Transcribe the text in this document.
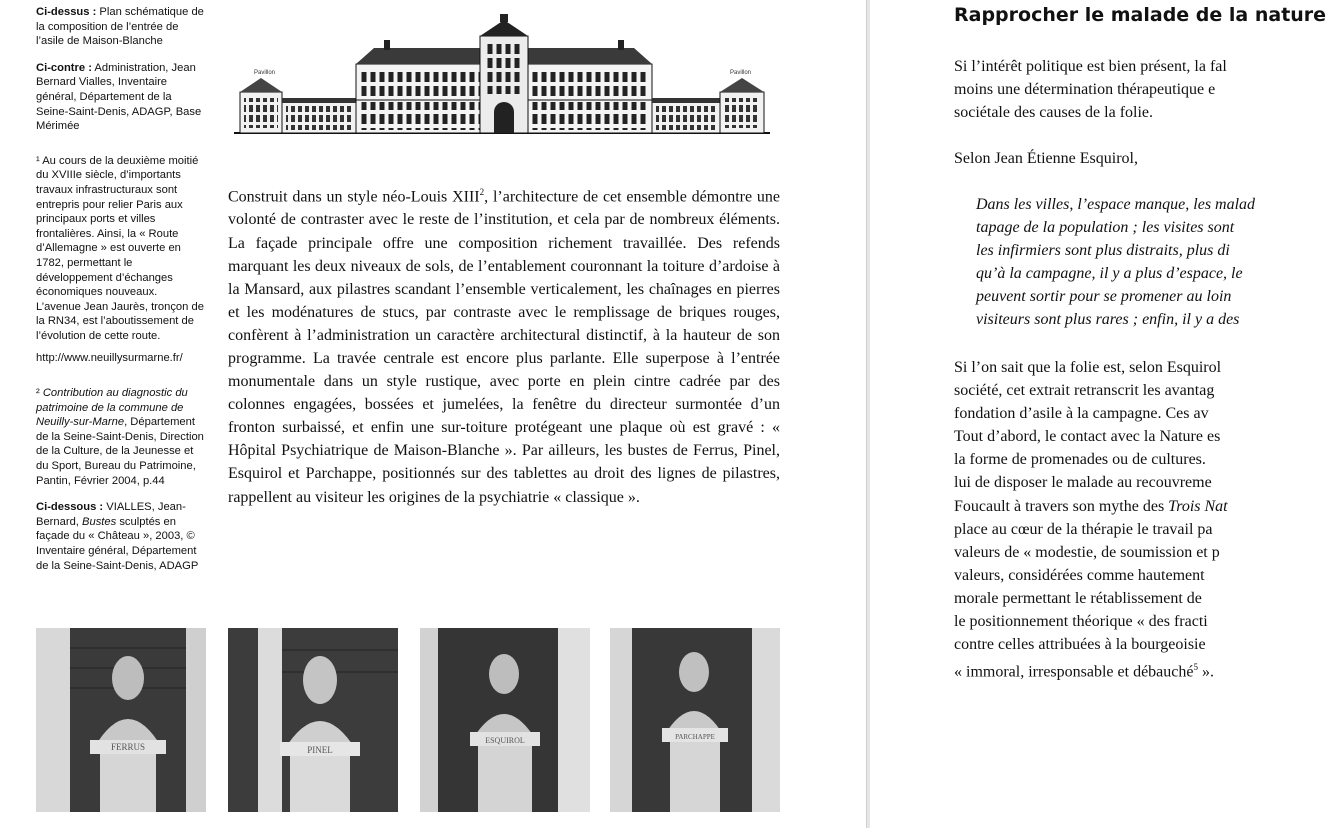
Ci-dessus : Plan schématique de la composition de l’entrée de l’asile de Maison-Blanche

Ci-contre : Administration, Jean Bernard Vialles, Inventaire général, Département de la Seine-Saint-Denis, ADAGP, Base Mérimée

¹ Au cours de la deuxième moitié du XVIIIe siècle, d’importants travaux infrastructuraux sont entrepris pour relier Paris aux principaux ports et villes frontalières. Ainsi, la « Route d’Allemagne » est ouverte en 1782, permettant le développement d’échanges économiques nouveaux. L’avenue Jean Jaurès, tronçon de la RN34, est l’aboutissement de l’évolution de cette route.

http://www.neuillysurmarne.fr/

² Contribution au diagnostic du patrimoine de la commune de Neuilly-sur-Marne, Département de la Seine-Saint-Denis, Direction de la Culture, de la Jeunesse et du Sport, Bureau du Patrimoine, Pantin, Février 2004, p.44

Ci-dessous : VIALLES, Jean-Bernard, Bustes sculptés en façade du « Château », 2003, © Inventaire général, Département de la Seine-Saint-Denis, ADAGP

Pavillon	Pavillon

Construit dans un style néo-Louis XIII$^2$, l’architecture de cet ensemble démontre une volonté de contraster avec le reste de l’institution, et cela par de nombreux éléments. La façade principale offre une composition richement travaillée. Des refends marquant les deux niveaux de sols, de l’entablement couronnant la toiture d’ardoise à la Mansard, aux pilastres scandant l’ensemble verticalement, les chaînages en pierres et les modénatures de stucs, par contraste avec le remplissage de briques rouges, confèrent à l’administration un caractère architectural distinctif, à la hauteur de son programme. La travée centrale est encore plus parlante. Elle superpose à l’entrée monumentale dans un style rustique, avec porte en plein cintre cadrée par des colonnes engagées, bossées et jumelées, la fenêtre du directeur surmontée d’un fronton surbaissé, et enfin une sur-toiture protégeant une plaque où est gravé : « Hôpital Psychiatrique de Maison-Blanche ». Par ailleurs, les bustes de Ferrus, Pinel, Esquirol et Parchappe, positionnés sur des tablettes au droit des lignes de pilastres, rappellent au visiteur les origines de la psychiatrie « classique ».

FERRUS	PINEL
ESQUIROL	PARCHAPPE
Rapprocher le malade de la nature

Si l’intérêt politique est bien présent, la fal
moins une détermination thérapeutique e
sociétale des causes de la folie.

Selon Jean Étienne Esquirol,

Dans les villes, l’espace manque, les malad
tapage de la population ; les visites sont
les infirmiers sont plus distraits, plus di
qu’à la campagne, il y a plus d’espace, le
peuvent sortir pour se promener au loin
visiteurs sont plus rares ; enfin, il y a des

Si l’on sait que la folie est, selon Esquirol
société, cet extrait retranscrit les avantag
fondation d’asile à la campagne. Ces av
Tout d’abord, le contact avec la Nature es
la forme de promenades ou de cultures.
lui de disposer le malade au recouvreme
Foucault à travers son mythe des Trois Nat
place au cœur de la thérapie le travail pa
valeurs de « modestie, de soumission et p
valeurs, considérées comme hautement
morale permettant le rétablissement de
le positionnement théorique « des fracti
contre celles attribuées à la bourgeoisie
« immoral, irresponsable et débauché$^5$ ».
